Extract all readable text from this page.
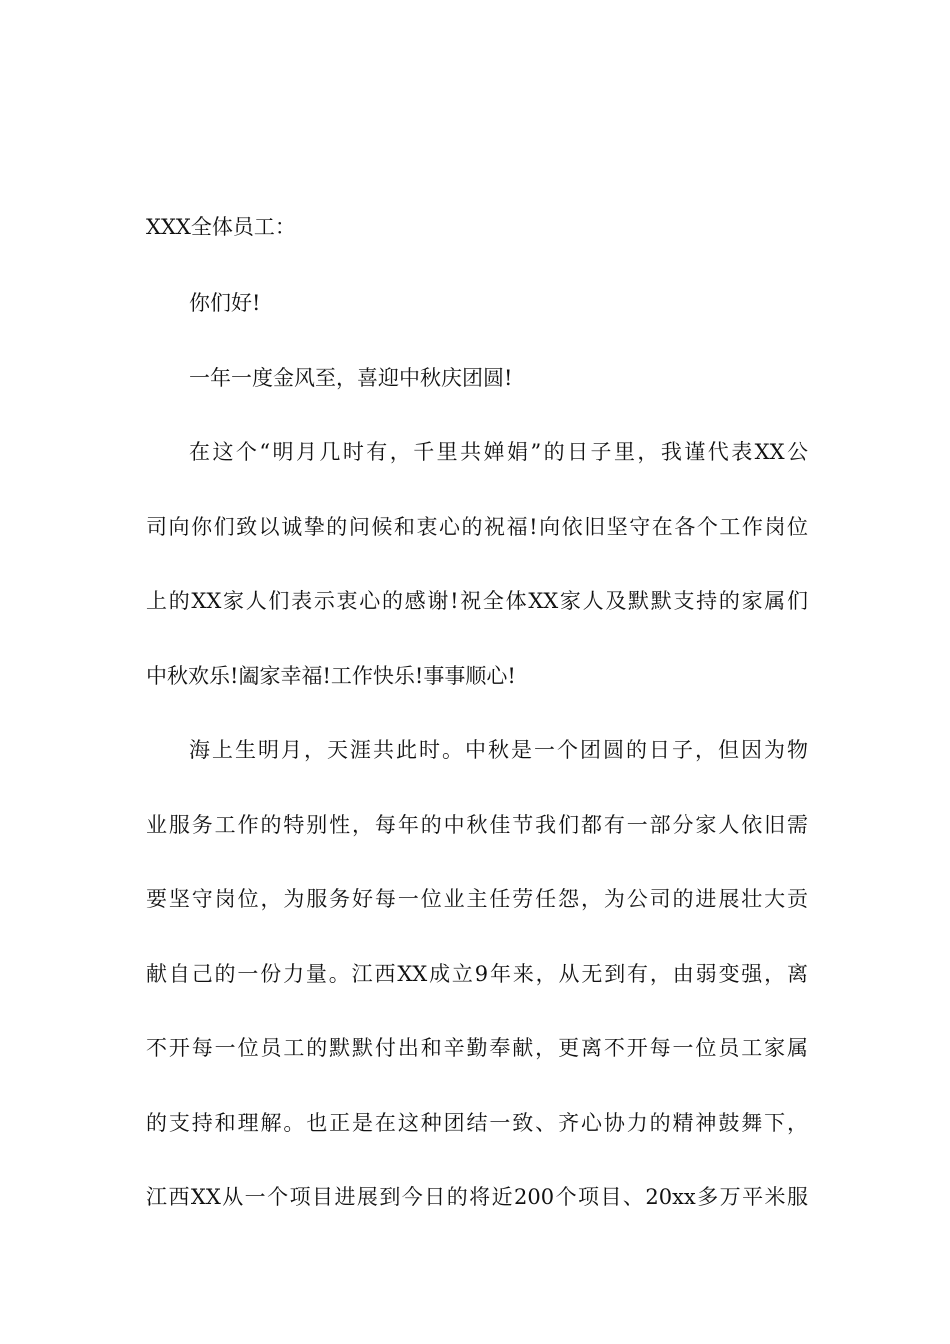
XXX全体员工：
你们好!
一年一度金风至，喜迎中秋庆团圆!
在这个“明月几时有，千里共婵娟”的日子里，我谨代表XX公
司向你们致以诚挚的问候和衷心的祝福!向依旧坚守在各个工作岗位
上的XX家人们表示衷心的感谢!祝全体XX家人及默默支持的家属们
中秋欢乐!阖家幸福!工作快乐!事事顺心!
海上生明月，天涯共此时。中秋是一个团圆的日子，但因为物
业服务工作的特别性，每年的中秋佳节我们都有一部分家人依旧需
要坚守岗位，为服务好每一位业主任劳任怨，为公司的进展壮大贡
献自己的一份力量。江西XX成立9年来，从无到有，由弱变强，离
不开每一位员工的默默付出和辛勤奉献，更离不开每一位员工家属
的支持和理解。也正是在这种团结一致、齐心协力的精神鼓舞下，
江西XX从一个项目进展到今日的将近200个项目、20xx多万平米服
